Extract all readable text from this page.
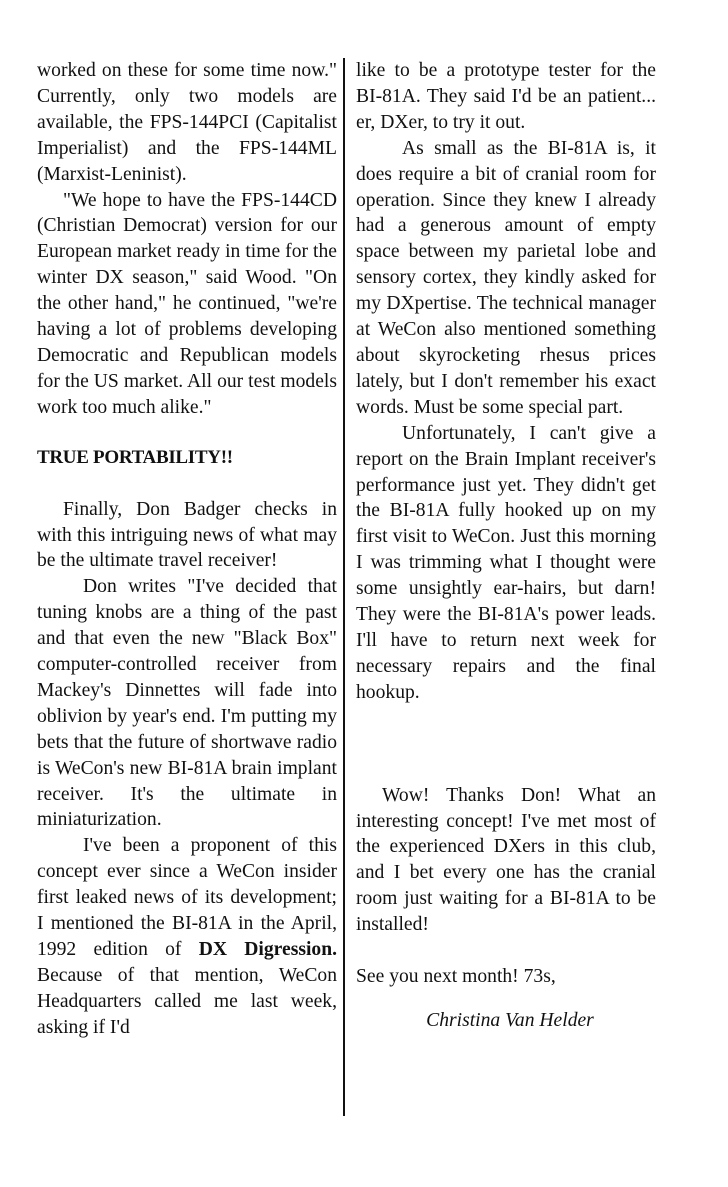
worked on these for some time now." Currently, only two models are available, the FPS-144PCI (Capitalist Imperialist) and the FPS-144ML (Marxist-Leninist).

"We hope to have the FPS-144CD (Christian Democrat) version for our European market ready in time for the winter DX season," said Wood. "On the other hand," he continued, "we're having a lot of problems developing Democratic and Republican models for the US market. All our test models work too much alike."

TRUE PORTABILITY!!

Finally, Don Badger checks in with this intriguing news of what may be the ultimate travel receiver!

Don writes "I've decided that tuning knobs are a thing of the past and that even the new "Black Box" computer-controlled receiver from Mackey's Dinnettes will fade into oblivion by year's end. I'm putting my bets that the future of shortwave radio is WeCon's new BI-81A brain implant receiver. It's the ultimate in miniaturization.

I've been a proponent of this concept ever since a WeCon insider first leaked news of its development; I mentioned the BI-81A in the April, 1992 edition of DX Digression. Because of that mention, WeCon Headquarters called me last week, asking if I'd

like to be a prototype tester for the BI-81A. They said I'd be an patient... er, DXer, to try it out.

As small as the BI-81A is, it does require a bit of cranial room for operation. Since they knew I already had a generous amount of empty space between my parietal lobe and sensory cortex, they kindly asked for my DXpertise. The technical manager at WeCon also mentioned something about skyrocketing rhesus prices lately, but I don't remember his exact words. Must be some special part.

Unfortunately, I can't give a report on the Brain Implant receiver's performance just yet. They didn't get the BI-81A fully hooked up on my first visit to WeCon. Just this morning I was trimming what I thought were some unsightly ear-hairs, but darn! They were the BI-81A's power leads. I'll have to return next week for necessary repairs and the final hookup.

Wow! Thanks Don! What an interesting concept! I've met most of the experienced DXers in this club, and I bet every one has the cranial room just waiting for a BI-81A to be installed!

See you next month! 73s,

Christina Van Helder
